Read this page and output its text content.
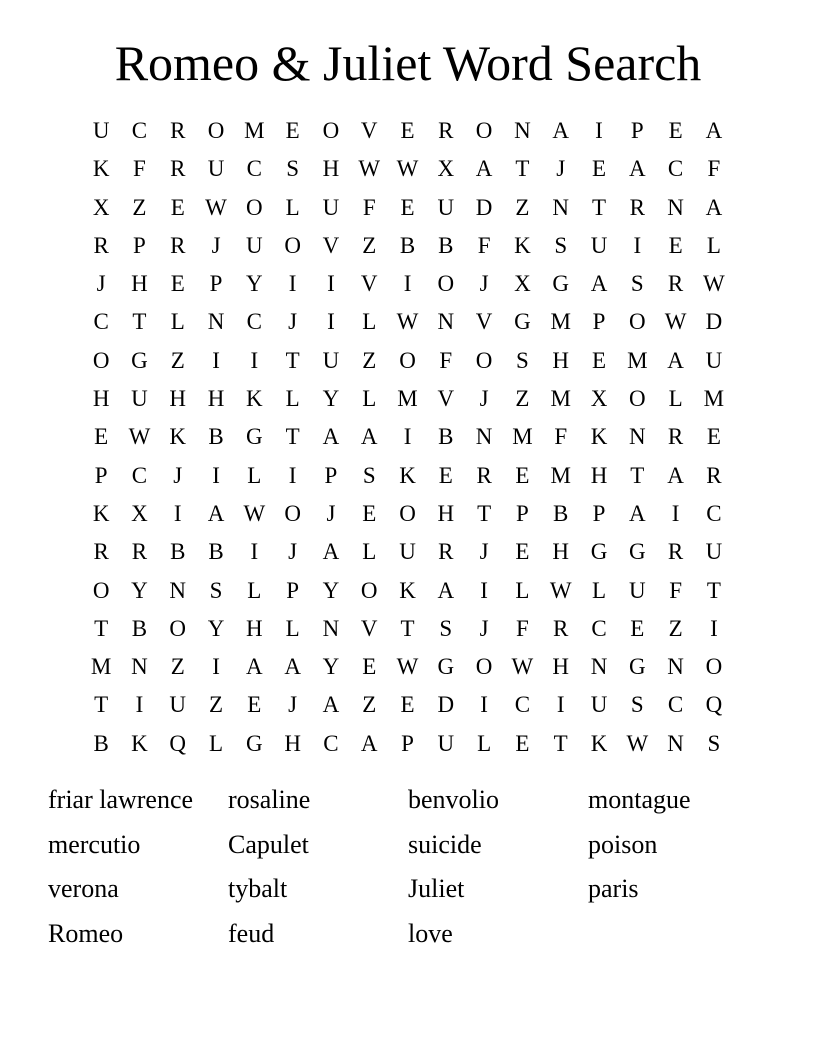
Romeo & Juliet Word Search
U C R O M E O V E	R O N A	I	P	E A
K	F	R U C	S	H W W X A T	J	E A C	F
X Z	E W O L U	F	E U D Z N T	R N A
R	P	R	J	U O V Z	B B	F	K	S	U	I	E	L
J	H E	P	Y	I	I	V	I	O	J	X G A	S	R W
C	T	L N C	J	I	L W N V G M P	O W D
O G Z	I	I	T U Z O	F	O	S	H E M A U
H U H H K L Y L M V	J	Z M X O L M
E W K B G T A A	I	B N M F	K N R	E
P	C	J	I	L	I	P	S	K E	R	E M H T A R
K X	I	A W O	J	E O H T	P	B	P	A	I	C
R R B B	I	J	A L U R	J	E H G G R U
O Y N	S	L	P	Y O K A	I	L W L U	F	T
T	B O Y H L N V T	S	J	F	R C	E	Z	I
M N Z	I	A A Y E W G O W H N G N O
T	I	U Z	E	J	A Z	E D	I	C	I	U	S	C Q
B K Q L G H C A	P	U L	E	T K W N	S
friar lawrence	rosaline	benvolio	montague
mercutio	Capulet	suicide	poison
verona	tybalt	Juliet	paris
Romeo	feud	love
